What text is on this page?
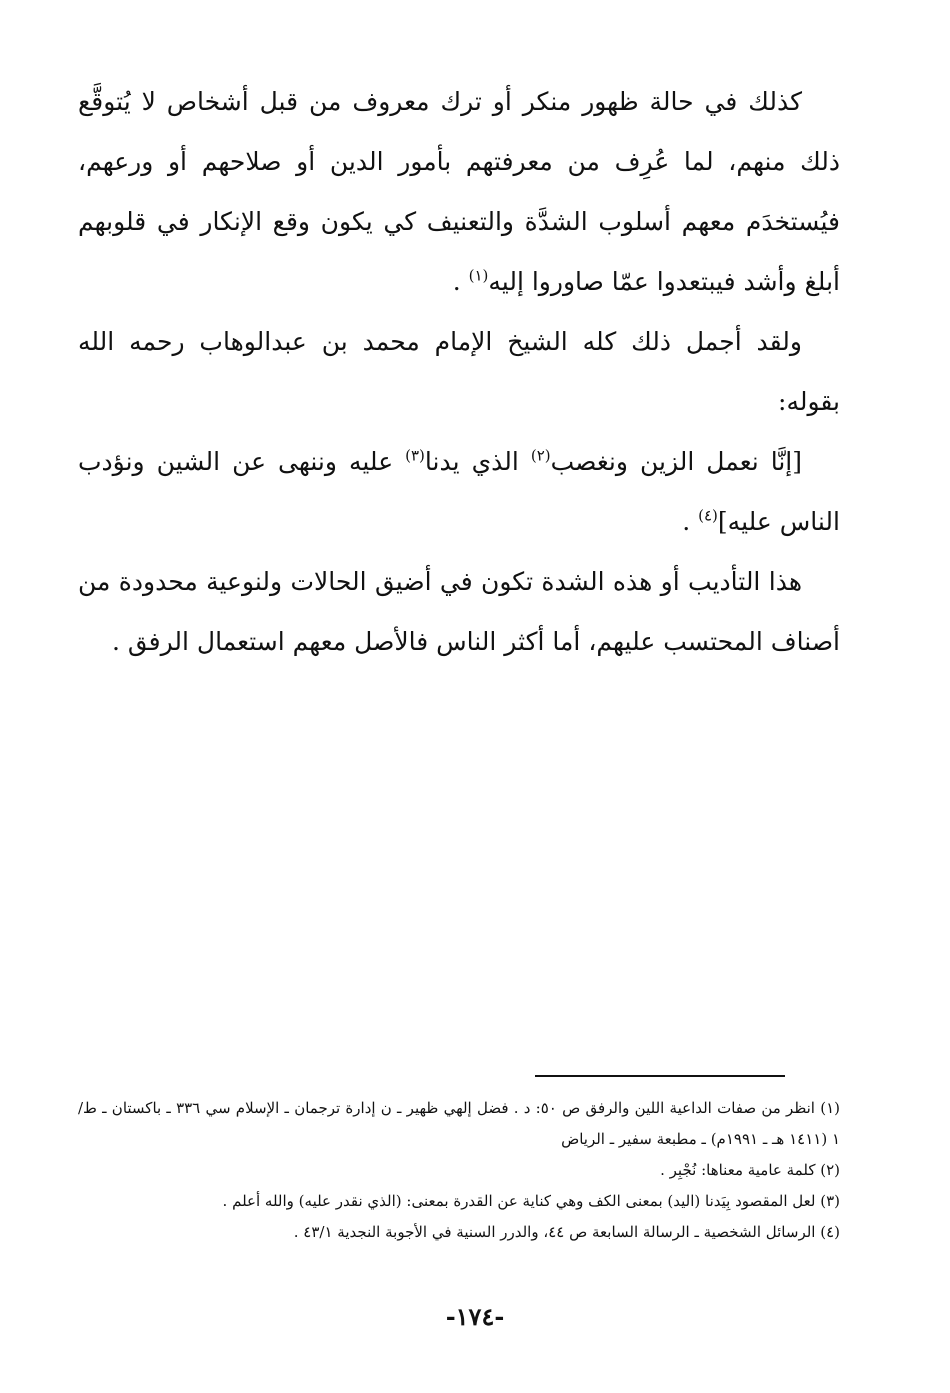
كذلك في حالة ظهور منكر أو ترك معروف من قبل أشخاص لا يُتوقَّع ذلك منهم، لما عُرِف من معرفتهم بأمور الدين أو صلاحهم أو ورعهم، فيُستخدَم معهم أسلوب الشدَّة والتعنيف كي يكون وقع الإنكار في قلوبهم أبلغ وأشد فيبتعدوا عمّا صاوروا إليه$^{(١)}$ .

ولقد أجمل ذلك كله الشيخ الإمام محمد بن عبدالوهاب رحمه الله بقوله:

[إنَّا نعمل الزين ونغصب$^{(٢)}$ الذي يدنا$^{(٣)}$ عليه وننهى عن الشين ونؤدب الناس عليه]$^{(٤)}$ .

هذا التأديب أو هذه الشدة تكون في أضيق الحالات ولنوعية محدودة من أصناف المحتسب عليهم، أما أكثر الناس فالأصل معهم استعمال الرفق .

(١) انظر من صفات الداعية اللين والرفق ص ٥٠: د . فضل إلهي ظهير ـ ن إدارة ترجمان ـ الإسلام سي ٣٣٦ ـ باكستان ـ ط/ ١ (١٤١١ هـ ـ ١٩٩١م) ـ مطبعة سفير ـ الرياض

(٢) كلمة عامية معناها: نُجْبِر .

(٣) لعل المقصود بِيَدنا (اليد) بمعنى الكف وهي كناية عن القدرة بمعنى: (الذي نقدر عليه) والله أعلم .

(٤) الرسائل الشخصية ـ الرسالة السابعة ص ٤٤، والدرر السنية في الأجوبة النجدية ٤٣/١ .

-١٧٤-
